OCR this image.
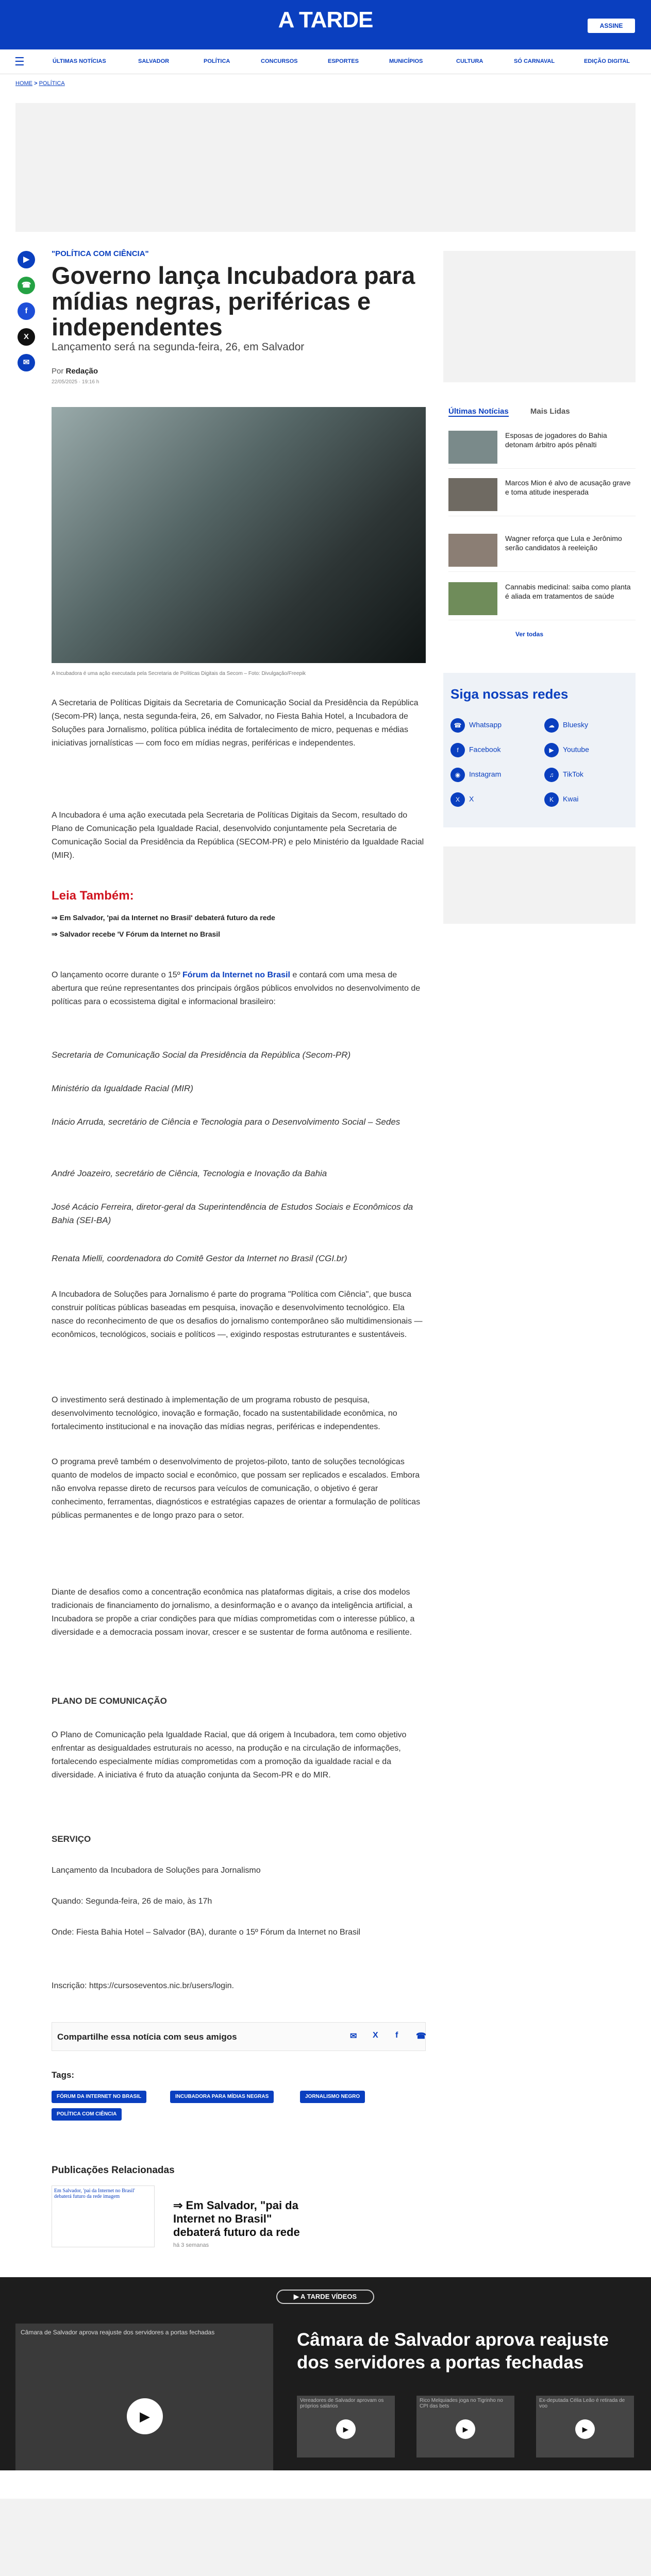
A TARDE	ASSINE
☰	ÚLTIMAS NOTÍCIAS	SALVADOR	POLÍTICA	CONCURSOS	ESPORTES	MUNICÍPIOS	CULTURA	SÓ CARNAVAL	EDIÇÃO DIGITAL
HOME > POLÍTICA
▶
☎
f
X
✉
"POLÍTICA COM CIÊNCIA"
Governo lança Incubadora para mídias negras, periféricas e independentes
Lançamento será na segunda-feira, 26, em Salvador
Por Redação
22/05/2025 · 19:16 h
A Incubadora é uma ação executada pela Secretaria de Políticas Digitais da Secom – Foto: Divulgação/Freepik
A Secretaria de Políticas Digitais da Secretaria de Comunicação Social da Presidência da República (Secom-PR) lança, nesta segunda-feira, 26, em Salvador, no Fiesta Bahia Hotel, a Incubadora de Soluções para Jornalismo, política pública inédita de fortalecimento de micro, pequenas e médias iniciativas jornalísticas — com foco em mídias negras, periféricas e independentes.
A Incubadora é uma ação executada pela Secretaria de Políticas Digitais da Secom, resultado do Plano de Comunicação pela Igualdade Racial, desenvolvido conjuntamente pela Secretaria de Comunicação Social da Presidência da República (SECOM-PR) e pelo Ministério da Igualdade Racial (MIR).
Leia Também:
⇒ Em Salvador, 'pai da Internet no Brasil' debaterá futuro da rede
⇒ Salvador recebe 'V Fórum da Internet no Brasil
O lançamento ocorre durante o 15º Fórum da Internet no Brasil e contará com uma mesa de abertura que reúne representantes dos principais órgãos públicos envolvidos no desenvolvimento de políticas para o ecossistema digital e informacional brasileiro:
Secretaria de Comunicação Social da Presidência da República (Secom-PR)
Ministério da Igualdade Racial (MIR)
Inácio Arruda, secretário de Ciência e Tecnologia para o Desenvolvimento Social – Sedes
André Joazeiro, secretário de Ciência, Tecnologia e Inovação da Bahia
José Acácio Ferreira, diretor-geral da Superintendência de Estudos Sociais e Econômicos da Bahia (SEI-BA)
Renata Mielli, coordenadora do Comitê Gestor da Internet no Brasil (CGI.br)
A Incubadora de Soluções para Jornalismo é parte do programa "Política com Ciência", que busca construir políticas públicas baseadas em pesquisa, inovação e desenvolvimento tecnológico. Ela nasce do reconhecimento de que os desafios do jornalismo contemporâneo são multidimensionais — econômicos, tecnológicos, sociais e políticos —, exigindo respostas estruturantes e sustentáveis.
O investimento será destinado à implementação de um programa robusto de pesquisa, desenvolvimento tecnológico, inovação e formação, focado na sustentabilidade econômica, no fortalecimento institucional e na inovação das mídias negras, periféricas e independentes.
O programa prevê também o desenvolvimento de projetos-piloto, tanto de soluções tecnológicas quanto de modelos de impacto social e econômico, que possam ser replicados e escalados. Embora não envolva repasse direto de recursos para veículos de comunicação, o objetivo é gerar conhecimento, ferramentas, diagnósticos e estratégias capazes de orientar a formulação de políticas públicas permanentes e de longo prazo para o setor.
Diante de desafios como a concentração econômica nas plataformas digitais, a crise dos modelos tradicionais de financiamento do jornalismo, a desinformação e o avanço da inteligência artificial, a Incubadora se propõe a criar condições para que mídias comprometidas com o interesse público, a diversidade e a democracia possam inovar, crescer e se sustentar de forma autônoma e resiliente.
PLANO DE COMUNICAÇÃO
O Plano de Comunicação pela Igualdade Racial, que dá origem à Incubadora, tem como objetivo enfrentar as desigualdades estruturais no acesso, na produção e na circulação de informações, fortalecendo especialmente mídias comprometidas com a promoção da igualdade racial e da diversidade. A iniciativa é fruto da atuação conjunta da Secom-PR e do MIR.
SERVIÇO
Lançamento da Incubadora de Soluções para Jornalismo
Quando: Segunda-feira, 26 de maio, às 17h
Onde: Fiesta Bahia Hotel – Salvador (BA), durante o 15º Fórum da Internet no Brasil
Inscrição: https://cursoseventos.nic.br/users/login.
Compartilhe essa notícia com seus amigos	✉ X f ☎
Tags:
FÓRUM DA INTERNET NO BRASIL	INCUBADORA PARA MÍDIAS NEGRAS	JORNALISMO NEGRO
POLÍTICA COM CIÊNCIA
Publicações Relacionadas
Em Salvador, 'pai da Internet no Brasil' debaterá futuro da rede imagem
⇒ Em Salvador, "pai da Internet no Brasil" debaterá futuro da rede
há 3 semanas
Últimas Notícias	Mais Lidas
Esposas de jogadores do Bahia detonam árbitro após pênalti
Marcos Mion é alvo de acusação grave e toma atitude inesperada
Wagner reforça que Lula e Jerônimo serão candidatos à reeleição
Cannabis medicinal: saiba como planta é aliada em tratamentos de saúde
Ver todas
Siga nossas redes
☎ Whatsapp	☁ Bluesky
f Facebook	▶ Youtube
◉ Instagram	♫ TikTok
X X	K Kwai
▶ A TARDE VÍDEOS
Câmara de Salvador aprova reajuste dos servidores a portas fechadas
▶
Câmara de Salvador aprova reajuste dos servidores a portas fechadas
Vereadores de Salvador aprovam os próprios salários
▶
Rico Melquiades joga no Tigrinho no CPI das bets
▶
Ex-deputada Célia Leão é retirada de voo
▶
Vereadores de Salvador são agredidos em...
Rico Melquiades joga no Tigrinho na CPI das Bets
Ex-deputada Célia Leão é retirada de voo por
